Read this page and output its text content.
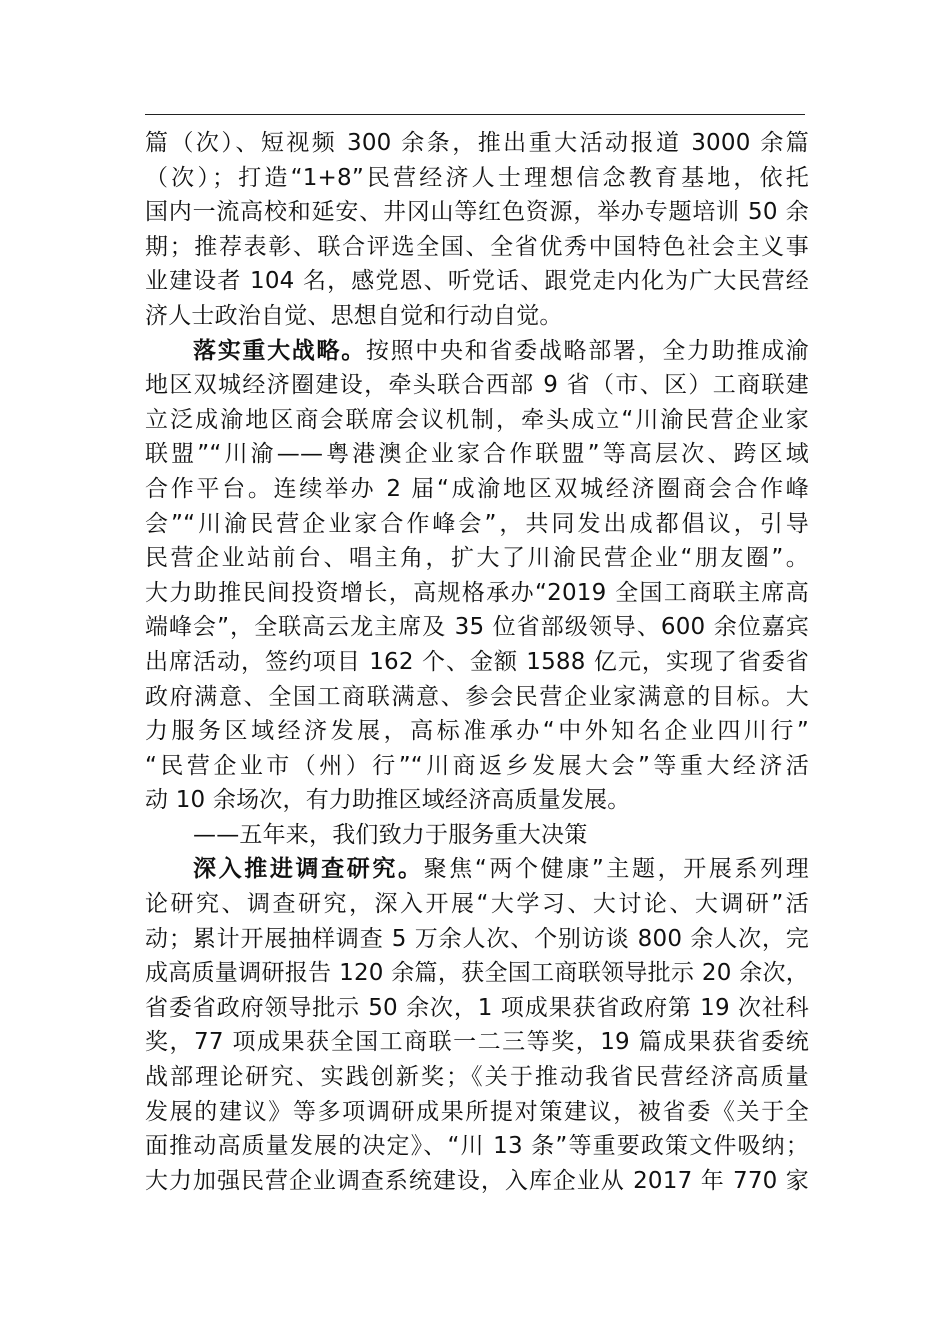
篇（次）、短视频 300 余条，推出重大活动报道 3000 余篇
（次）；打造“1+8”民营经济人士理想信念教育基地，依托
国内一流高校和延安、井冈山等红色资源，举办专题培训 50 余
期；推荐表彰、联合评选全国、全省优秀中国特色社会主义事
业建设者 104 名，感党恩、听党话、跟党走内化为广大民营经
济人士政治自觉、思想自觉和行动自觉。
落实重大战略。按照中央和省委战略部署，全力助推成渝
地区双城经济圈建设，牵头联合西部 9 省（市、区）工商联建
立泛成渝地区商会联席会议机制，牵头成立“川渝民营企业家
联盟”“川渝——粤港澳企业家合作联盟”等高层次、跨区域
合作平台。连续举办 2 届“成渝地区双城经济圈商会合作峰
会”“川渝民营企业家合作峰会”，共同发出成都倡议，引导
民营企业站前台、唱主角，扩大了川渝民营企业“朋友圈”。
大力助推民间投资增长，高规格承办“2019 全国工商联主席高
端峰会”，全联高云龙主席及 35 位省部级领导、600 余位嘉宾
出席活动，签约项目 162 个、金额 1588 亿元，实现了省委省
政府满意、全国工商联满意、参会民营企业家满意的目标。大
力服务区域经济发展，高标准承办“中外知名企业四川行”
“民营企业市（州）行”“川商返乡发展大会”等重大经济活
动 10 余场次，有力助推区域经济高质量发展。
——五年来，我们致力于服务重大决策
深入推进调查研究。聚焦“两个健康”主题，开展系列理
论研究、调查研究，深入开展“大学习、大讨论、大调研”活
动；累计开展抽样调查 5 万余人次、个别访谈 800 余人次，完
成高质量调研报告 120 余篇，获全国工商联领导批示 20 余次，
省委省政府领导批示 50 余次，1 项成果获省政府第 19 次社科
奖，77 项成果获全国工商联一二三等奖，19 篇成果获省委统
战部理论研究、实践创新奖；《关于推动我省民营经济高质量
发展的建议》等多项调研成果所提对策建议，被省委《关于全
面推动高质量发展的决定》、“川 13 条”等重要政策文件吸纳；
大力加强民营企业调查系统建设，入库企业从 2017 年 770 家
